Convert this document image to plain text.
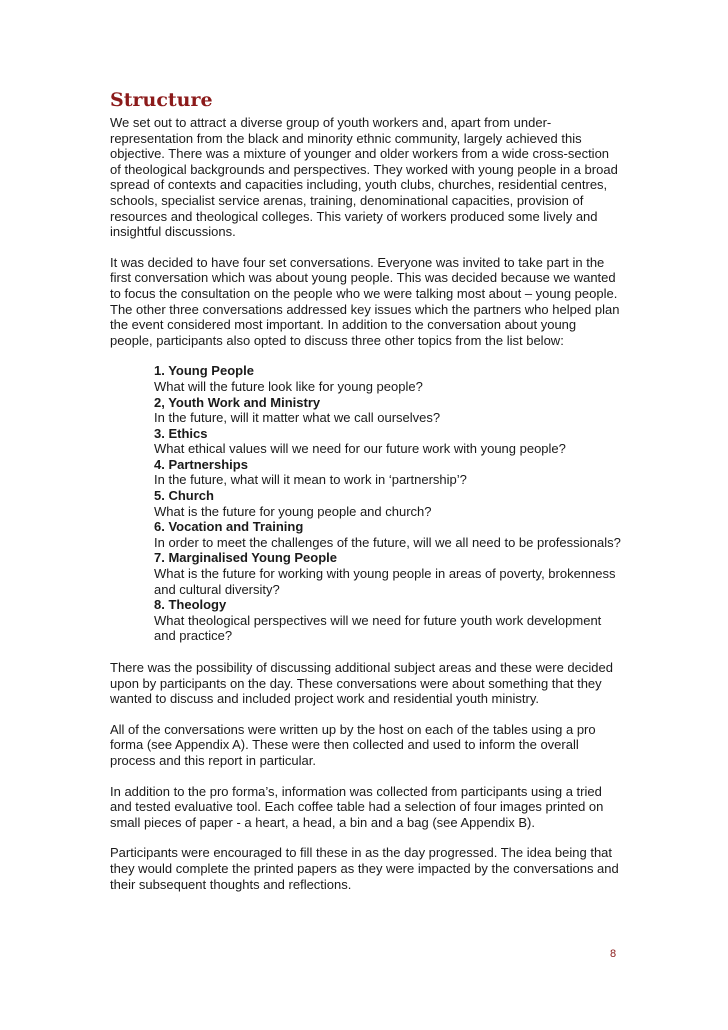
Structure

We set out to attract a diverse group of youth workers and, apart from under-representation from the black and minority ethnic community, largely achieved this objective. There was a mixture of younger and older workers from a wide cross-section of theological backgrounds and perspectives. They worked with young people in a broad spread of contexts and capacities including, youth clubs, churches, residential centres, schools, specialist service arenas, training, denominational capacities, provision of resources and theological colleges. This variety of workers produced some lively and insightful discussions.

It was decided to have four set conversations. Everyone was invited to take part in the first conversation which was about young people. This was decided because we wanted to focus the consultation on the people who we were talking most about – young people. The other three conversations addressed key issues which the partners who helped plan the event considered most important. In addition to the conversation about young people, participants also opted to discuss three other topics from the list below:

1. Young People
What will the future look like for young people?
2, Youth Work and Ministry
In the future, will it matter what we call ourselves?
3. Ethics
What ethical values will we need for our future work with young people?
4. Partnerships
In the future, what will it mean to work in ‘partnership’?
5. Church
What is the future for young people and church?
6. Vocation and Training
In order to meet the challenges of the future, will we all need to be professionals?
7. Marginalised Young People
What is the future for working with young people in areas of poverty, brokenness and cultural diversity?
8. Theology
What theological perspectives will we need for future youth work development and practice?

There was the possibility of discussing additional subject areas and these were decided upon by participants on the day. These conversations were about something that they wanted to discuss and included project work and residential youth ministry.

All of the conversations were written up by the host on each of the tables using a pro forma (see Appendix A). These were then collected and used to inform the overall process and this report in particular.

In addition to the pro forma’s, information was collected from participants using a tried and tested evaluative tool. Each coffee table had a selection of four images printed on small pieces of paper - a heart, a head, a bin and a bag (see Appendix B).

Participants were encouraged to fill these in as the day progressed. The idea being that they would complete the printed papers as they were impacted by the conversations and their subsequent thoughts and reflections.

8
